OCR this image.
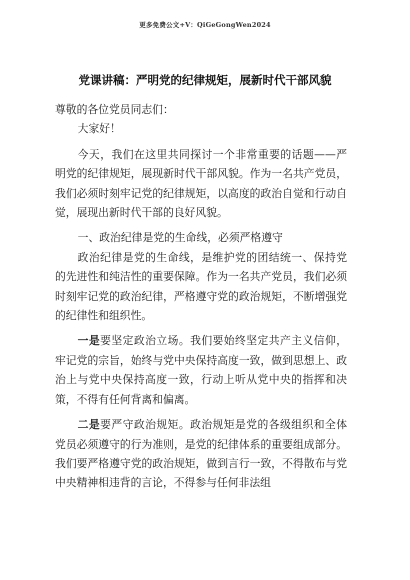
更多免费公文+V：QiGeGongWen2024
党课讲稿：严明党的纪律规矩，展新时代干部风貌

尊敬的各位党员同志们：

大家好！

今天，我们在这里共同探讨一个非常重要的话题——严明党的纪律规矩，展现新时代干部风貌。作为一名共产党员，我们必须时刻牢记党的纪律规矩，以高度的政治自觉和行动自觉，展现出新时代干部的良好风貌。

一、政治纪律是党的生命线，必须严格遵守

政治纪律是党的生命线，是维护党的团结统一、保持党的先进性和纯洁性的重要保障。作为一名共产党员，我们必须时刻牢记党的政治纪律，严格遵守党的政治规矩，不断增强党的纪律性和组织性。

一是要坚定政治立场。我们要始终坚定共产主义信仰，牢记党的宗旨，始终与党中央保持高度一致，做到思想上、政治上与党中央保持高度一致，行动上听从党中央的指挥和决策，不得有任何背离和偏离。

二是要严守政治规矩。政治规矩是党的各级组织和全体党员必须遵守的行为准则，是党的纪律体系的重要组成部分。我们要严格遵守党的政治规矩，做到言行一致，不得散布与党中央精神相违背的言论，不得参与任何非法组
